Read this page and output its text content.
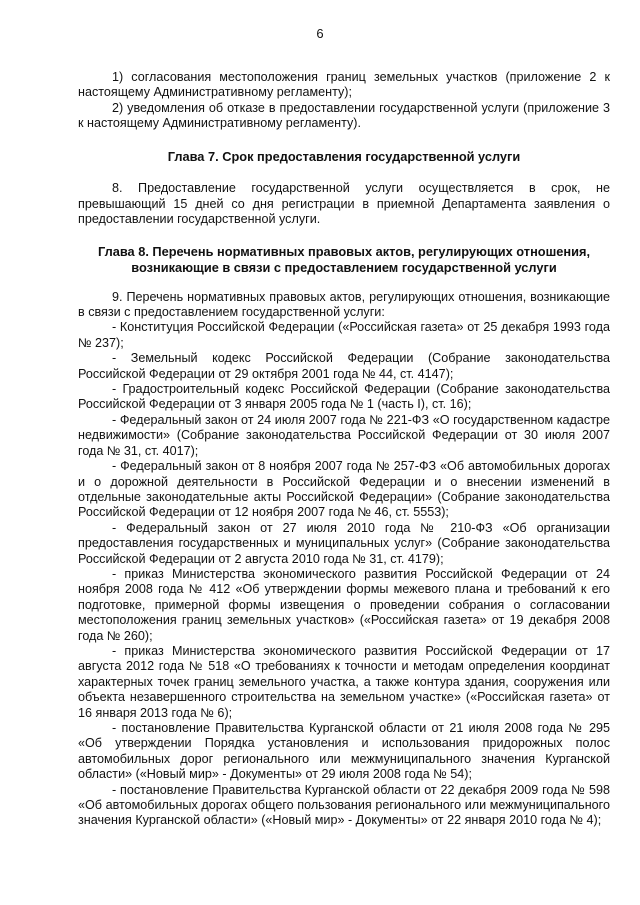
6

1) согласования местоположения границ земельных участков (приложение 2 к настоящему Административному регламенту);

2) уведомления об отказе в предоставлении государственной услуги (приложение 3 к настоящему Административному регламенту).

Глава 7. Срок предоставления государственной услуги

8. Предоставление государственной услуги осуществляется в срок, не превышающий 15 дней со дня регистрации в приемной Департамента заявления о предоставлении государственной услуги.

Глава 8. Перечень нормативных правовых актов, регулирующих отношения,

возникающие в связи с предоставлением государственной услуги

9. Перечень нормативных правовых актов, регулирующих отношения, возникающие в связи с предоставлением государственной услуги:

- Конституция Российской Федерации («Российская газета» от 25 декабря 1993 года № 237);

- Земельный кодекс Российской Федерации (Собрание законодательства Российской Федерации от 29 октября 2001 года № 44, ст. 4147);

- Градостроительный кодекс Российской Федерации (Собрание законодательства Российской Федерации от 3 января 2005 года № 1 (часть I), ст. 16);

- Федеральный закон от 24 июля 2007 года № 221-ФЗ «О государственном кадастре недвижимости» (Собрание законодательства Российской Федерации от 30 июля 2007 года № 31, ст. 4017);

- Федеральный закон от 8 ноября 2007 года № 257-ФЗ «Об автомобильных дорогах и о дорожной деятельности в Российской Федерации и о внесении изменений в отдельные законодательные акты Российской Федерации» (Собрание законодательства Российской Федерации от 12 ноября 2007 года № 46, ст. 5553);

- Федеральный закон от 27 июля 2010 года № 210-ФЗ «Об организации предоставления государственных и муниципальных услуг» (Собрание законодательства Российской Федерации от 2 августа 2010 года № 31, ст. 4179);

- приказ Министерства экономического развития Российской Федерации от 24 ноября 2008 года № 412 «Об утверждении формы межевого плана и требований к его подготовке, примерной формы извещения о проведении собрания о согласовании местоположения границ земельных участков» («Российская газета» от 19 декабря 2008 года № 260);

- приказ Министерства экономического развития Российской Федерации от 17 августа 2012 года № 518 «О требованиях к точности и методам определения координат характерных точек границ земельного участка, а также контура здания, сооружения или объекта незавершенного строительства на земельном участке» («Российская газета» от 16 января 2013 года № 6);

- постановление Правительства Курганской области от 21 июля 2008 года № 295 «Об утверждении Порядка установления и использования придорожных полос автомобильных дорог регионального или межмуниципального значения Курганской области» («Новый мир» - Документы» от 29 июля 2008 года № 54);

- постановление Правительства Курганской области от 22 декабря 2009 года № 598 «Об автомобильных дорогах общего пользования регионального или межмуниципального значения Курганской области» («Новый мир» - Документы» от 22 января 2010 года № 4);
